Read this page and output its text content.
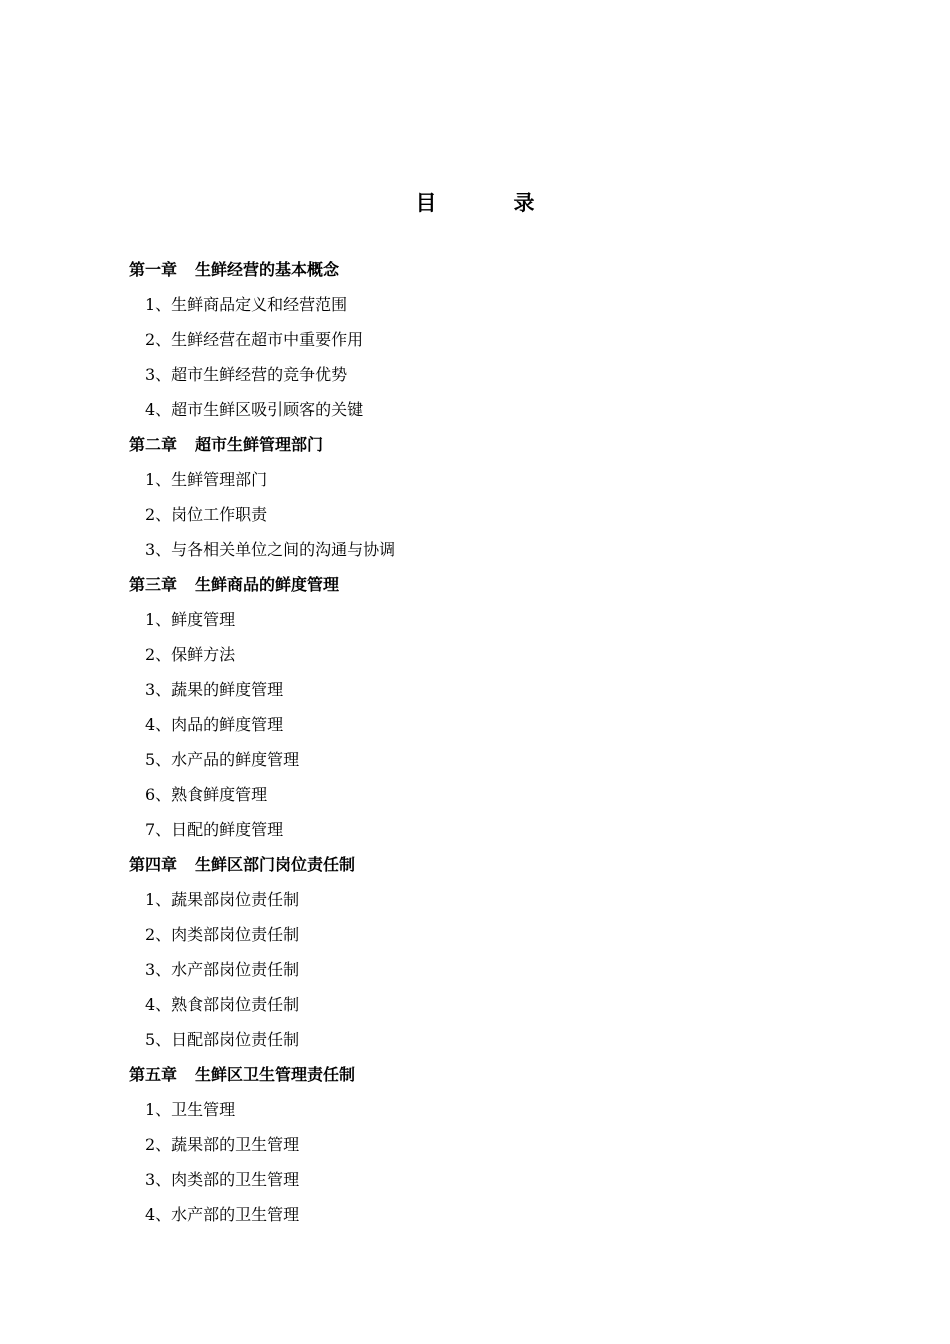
目　录
第一章 生鲜经营的基本概念
1、生鲜商品定义和经营范围
2、生鲜经营在超市中重要作用
3、超市生鲜经营的竞争优势
4、超市生鲜区吸引顾客的关键
第二章 超市生鲜管理部门
1、生鲜管理部门
2、岗位工作职责
3、与各相关单位之间的沟通与协调
第三章 生鲜商品的鲜度管理
1、鲜度管理
2、保鲜方法
3、蔬果的鲜度管理
4、肉品的鲜度管理
5、水产品的鲜度管理
6、熟食鲜度管理
7、日配的鲜度管理
第四章 生鲜区部门岗位责任制
1、蔬果部岗位责任制
2、肉类部岗位责任制
3、水产部岗位责任制
4、熟食部岗位责任制
5、日配部岗位责任制
第五章 生鲜区卫生管理责任制
1、卫生管理
2、蔬果部的卫生管理
3、肉类部的卫生管理
4、水产部的卫生管理
